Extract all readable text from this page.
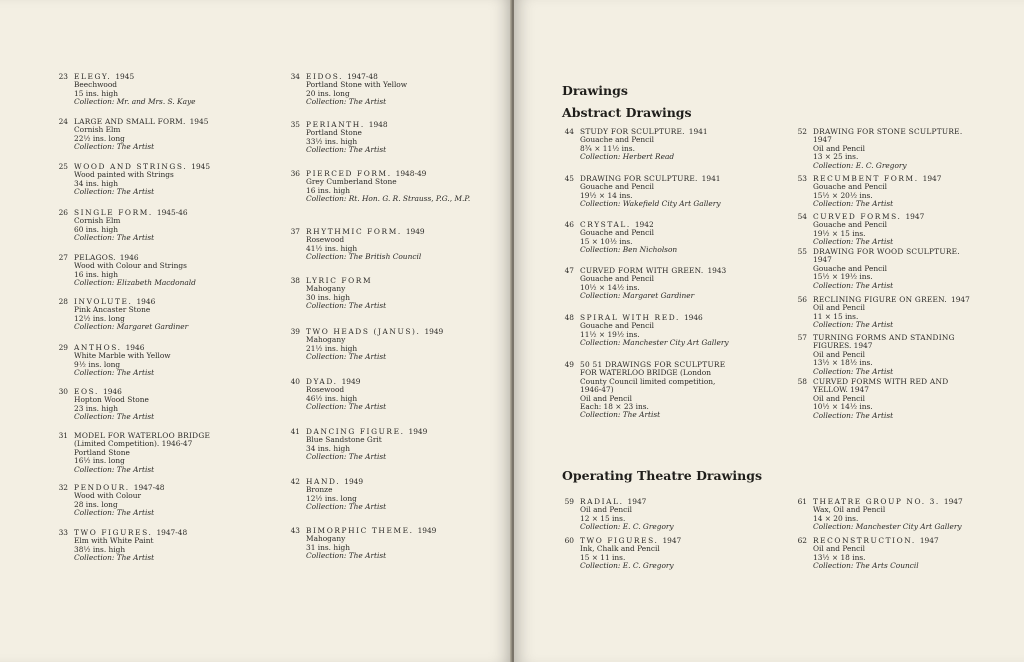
23 ELEGY. 1945
Beechwood
15 ins. high
Collection: Mr. and Mrs. S. Kaye
24 LARGE AND SMALL FORM. 1945
Cornish Elm
22½ ins. long
Collection: The Artist
25 WOOD AND STRINGS. 1945
Wood painted with Strings
34 ins. high
Collection: The Artist
26 SINGLE FORM. 1945-46
Cornish Elm
60 ins. high
Collection: The Artist
27 PELAGOS. 1946
Wood with Colour and Strings
16 ins. high
Collection: Elizabeth Macdonald
28 INVOLUTE. 1946
Pink Ancaster Stone
12½ ins. long
Collection: Margaret Gardiner
29 ANTHOS. 1946
White Marble with Yellow
9½ ins. long
Collection: The Artist
30 EOS. 1946
Hopton Wood Stone
23 ins. high
Collection: The Artist
31 MODEL FOR WATERLOO BRIDGE
(Limited Competition). 1946-47
Portland Stone
16½ ins. long
Collection: The Artist
32 PENDOUR. 1947-48
Wood with Colour
28 ins. long
Collection: The Artist
33 TWO FIGURES. 1947-48
Elm with White Paint
38½ ins. high
Collection: The Artist
34 EIDOS. 1947-48
Portland Stone with Yellow
20 ins. long
Collection: The Artist
35 PERIANTH. 1948
Portland Stone
33½ ins. high
Collection: The Artist
36 PIERCED FORM. 1948-49
Grey Cumberland Stone
16 ins. high
Collection: Rt. Hon. G. R. Strauss, P.G., M.P.
37 RHYTHMIC FORM. 1949
Rosewood
41½ ins. high
Collection: The British Council
38 LYRIC FORM
Mahogany
30 ins. high
Collection: The Artist
39 TWO HEADS (JANUS). 1949
Mahogany
21½ ins. high
Collection: The Artist
40 DYAD. 1949
Rosewood
46½ ins. high
Collection: The Artist
41 DANCING FIGURE. 1949
Blue Sandstone Grit
34 ins. high
Collection: The Artist
42 HAND. 1949
Bronze
12½ ins. long
Collection: The Artist
43 BIMORPHIC THEME. 1949
Mahogany
31 ins. high
Collection: The Artist
Drawings
Abstract Drawings
Operating Theatre Drawings
44 STUDY FOR SCULPTURE. 1941
Gouache and Pencil
8¾ × 11½ ins.
Collection: Herbert Read
45 DRAWING FOR SCULPTURE. 1941
Gouache and Pencil
19½ × 14 ins.
Collection: Wakefield City Art Gallery
46 CRYSTAL. 1942
Gouache and Pencil
15 × 10½ ins.
Collection: Ben Nicholson
47 CURVED FORM WITH GREEN. 1943
Gouache and Pencil
10½ × 14½ ins.
Collection: Margaret Gardiner
48 SPIRAL WITH RED. 1946
Gouache and Pencil
11½ × 19½ ins.
Collection: Manchester City Art Gallery
49 50 51 DRAWINGS FOR SCULPTURE
FOR WATERLOO BRIDGE (London
County Council limited competition,
1946-47)
Oil and Pencil
Each: 18 × 23 ins.
Collection: The Artist
52 DRAWING FOR STONE SCULPTURE.
1947
Oil and Pencil
13 × 25 ins.
Collection: E. C. Gregory
53 RECUMBENT FORM. 1947
Gouache and Pencil
15½ × 20½ ins.
Collection: The Artist
54 CURVED FORMS. 1947
Gouache and Pencil
19½ × 15 ins.
Collection: The Artist
55 DRAWING FOR WOOD SCULPTURE.
1947
Gouache and Pencil
15½ × 19½ ins.
Collection: The Artist
56 RECLINING FIGURE ON GREEN. 1947
Oil and Pencil
11 × 15 ins.
Collection: The Artist
57 TURNING FORMS AND STANDING
FIGURES. 1947
Oil and Pencil
13½ × 18½ ins.
Collection: The Artist
58 CURVED FORMS WITH RED AND
YELLOW. 1947
Oil and Pencil
10½ × 14½ ins.
Collection: The Artist
59 RADIAL. 1947
Oil and Pencil
12 × 15 ins.
Collection: E. C. Gregory
60 TWO FIGURES. 1947
Ink, Chalk and Pencil
15 × 11 ins.
Collection: E. C. Gregory
61 THEATRE GROUP NO. 3. 1947
Wax, Oil and Pencil
14 × 20 ins.
Collection: Manchester City Art Gallery
62 RECONSTRUCTION. 1947
Oil and Pencil
13½ × 18 ins.
Collection: The Arts Council
